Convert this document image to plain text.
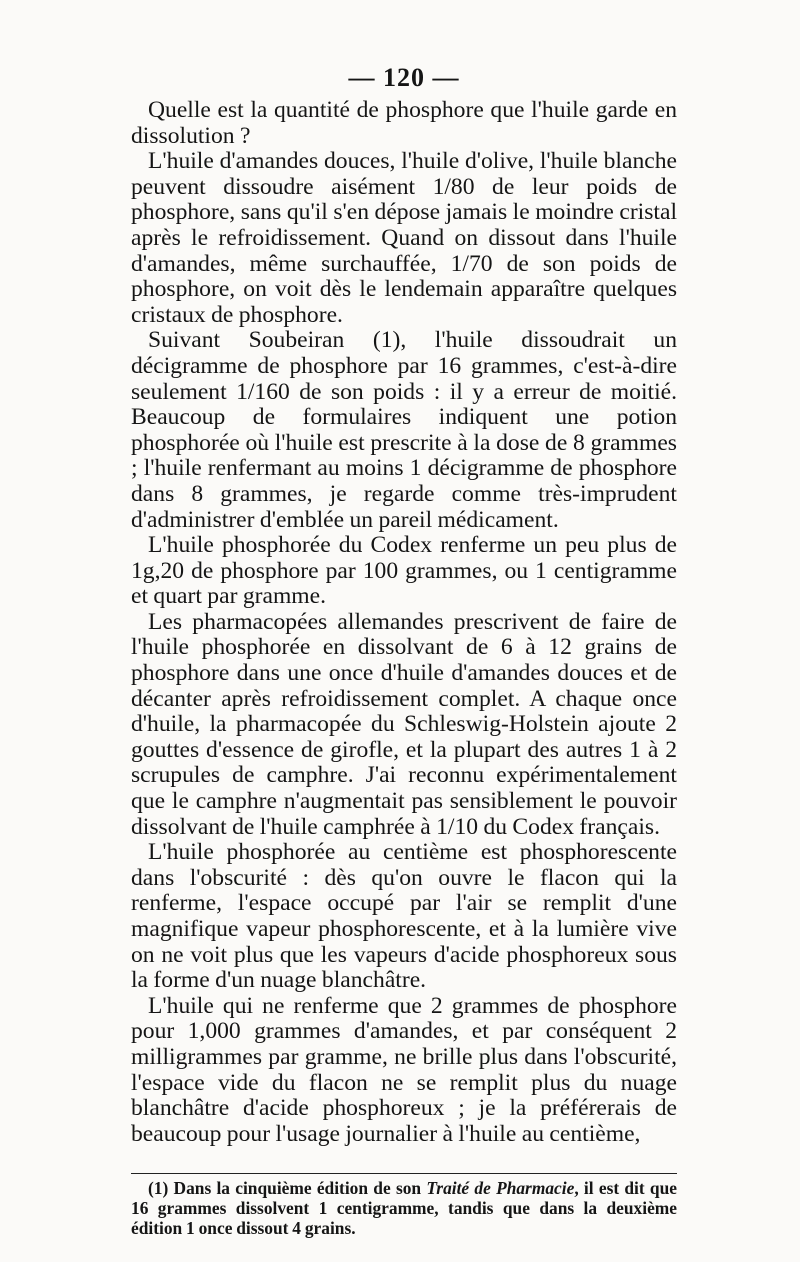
— 120 —

Quelle est la quantité de phosphore que l'huile garde en dissolution ?

L'huile d'amandes douces, l'huile d'olive, l'huile blanche peuvent dissoudre aisément 1/80 de leur poids de phosphore, sans qu'il s'en dépose jamais le moindre cristal après le refroidissement. Quand on dissout dans l'huile d'amandes, même surchauffée, 1/70 de son poids de phosphore, on voit dès le lendemain apparaître quelques cristaux de phosphore.

Suivant Soubeiran (1), l'huile dissoudrait un décigramme de phosphore par 16 grammes, c'est-à-dire seulement 1/160 de son poids : il y a erreur de moitié. Beaucoup de formulaires indiquent une potion phosphorée où l'huile est prescrite à la dose de 8 grammes ; l'huile renfermant au moins 1 décigramme de phosphore dans 8 grammes, je regarde comme très-imprudent d'administrer d'emblée un pareil médicament.

L'huile phosphorée du Codex renferme un peu plus de 1g,20 de phosphore par 100 grammes, ou 1 centigramme et quart par gramme.

Les pharmacopées allemandes prescrivent de faire de l'huile phosphorée en dissolvant de 6 à 12 grains de phosphore dans une once d'huile d'amandes douces et de décanter après refroidissement complet. A chaque once d'huile, la pharmacopée du Schleswig-Holstein ajoute 2 gouttes d'essence de girofle, et la plupart des autres 1 à 2 scrupules de camphre. J'ai reconnu expérimentalement que le camphre n'augmentait pas sensiblement le pouvoir dissolvant de l'huile camphrée à 1/10 du Codex français.

L'huile phosphorée au centième est phosphorescente dans l'obscurité : dès qu'on ouvre le flacon qui la renferme, l'espace occupé par l'air se remplit d'une magnifique vapeur phosphorescente, et à la lumière vive on ne voit plus que les vapeurs d'acide phosphoreux sous la forme d'un nuage blanchâtre.

L'huile qui ne renferme que 2 grammes de phosphore pour 1,000 grammes d'amandes, et par conséquent 2 milligrammes par gramme, ne brille plus dans l'obscurité, l'espace vide du flacon ne se remplit plus du nuage blanchâtre d'acide phosphoreux ; je la préférerais de beaucoup pour l'usage journalier à l'huile au centième,

(1) Dans la cinquième édition de son Traité de Pharmacie, il est dit que 16 grammes dissolvent 1 centigramme, tandis que dans la deuxième édition 1 once dissout 4 grains.
